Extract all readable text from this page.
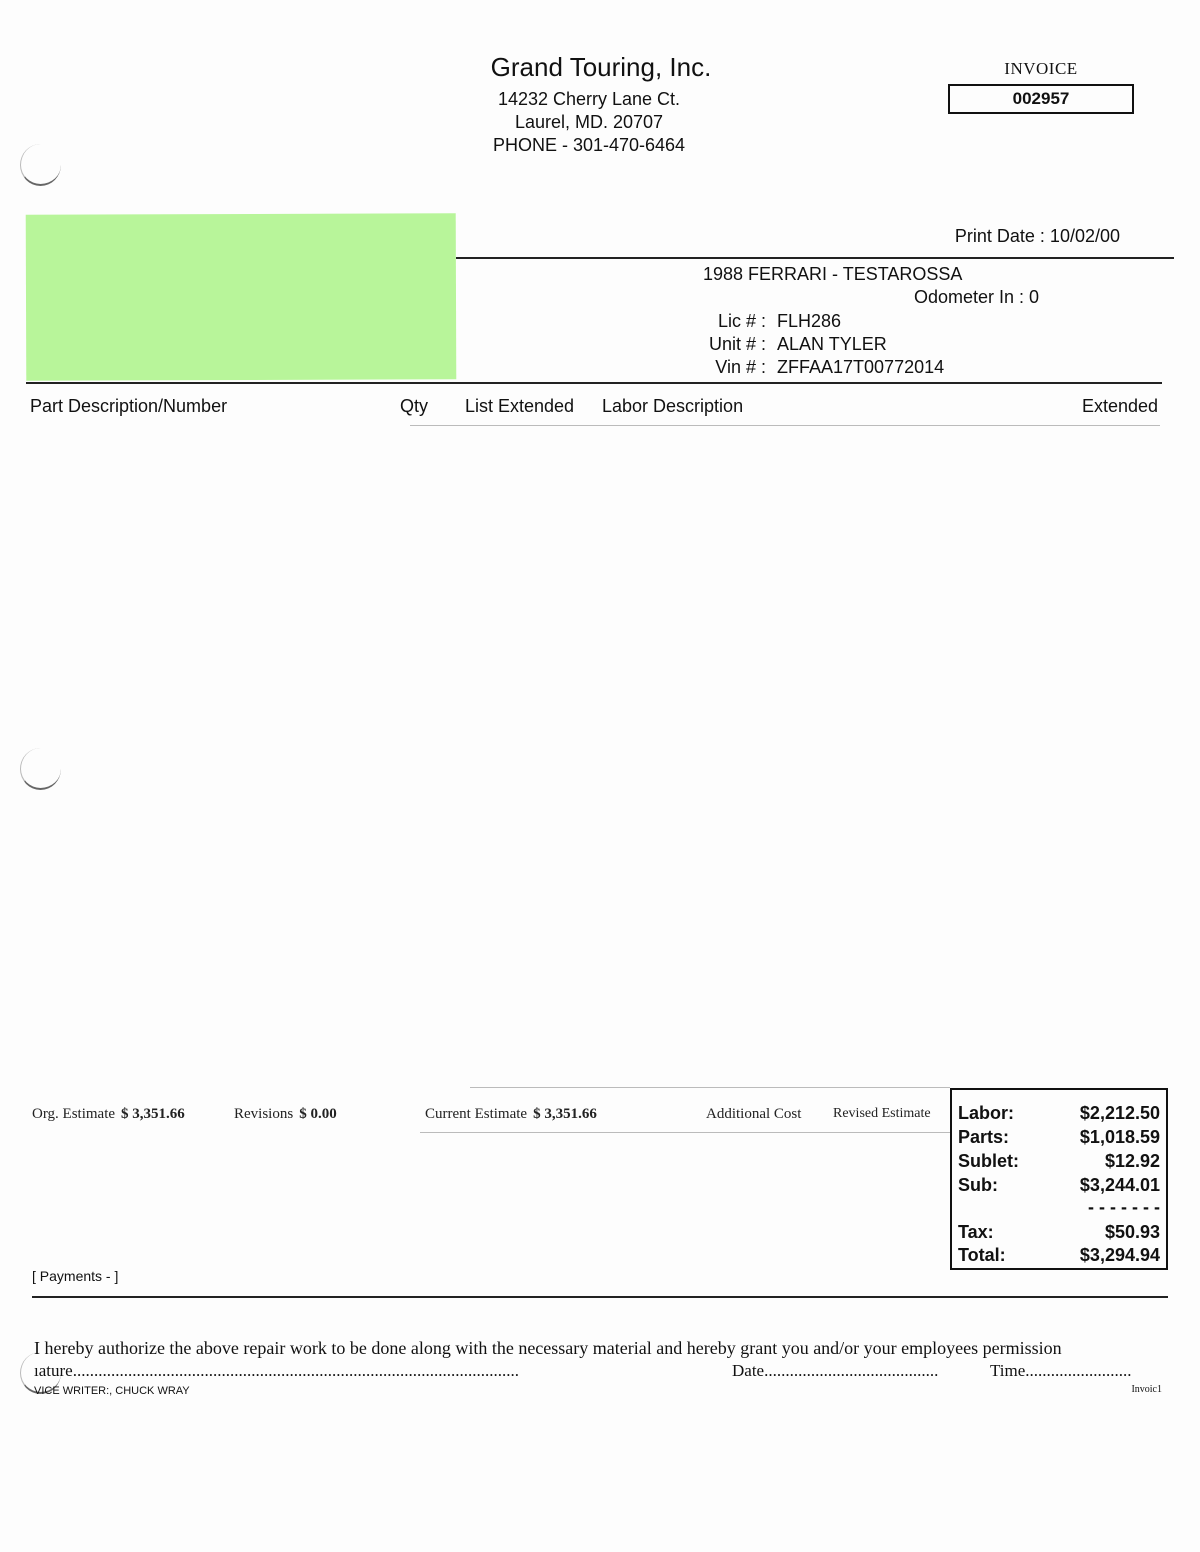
Grand Touring, Inc.
14232 Cherry Lane Ct.
Laurel, MD. 20707
PHONE - 301-470-6464
INVOICE
002957
Print Date : 10/02/00
1988 FERRARI - TESTAROSSA
Odometer In : 0
Lic # : FLH286
Unit # : ALAN TYLER
Vin # : ZFFAA17T00772014
Part Description/Number	Qty List Extended Labor Description	Extended
Org. Estimate $ 3,351.66	Revisions $ 0.00	Current Estimate $ 3,351.66	Additional Cost Revised Estimate Labor:	$2,212.50
Parts:	$1,018.59
Sublet:	$12.92
Sub:	$3,244.01
- - - - - - -
Tax:	$50.93
Total:	$3,294.94
[ Payments - ]
I hereby authorize the above repair work to be done along with the necessary material and hereby grant you and/or your employees permission
ıature.........................................................................................................	Date.........................................	Time.........................
VICE WRITER:, CHUCK WRAY	Invoic1
